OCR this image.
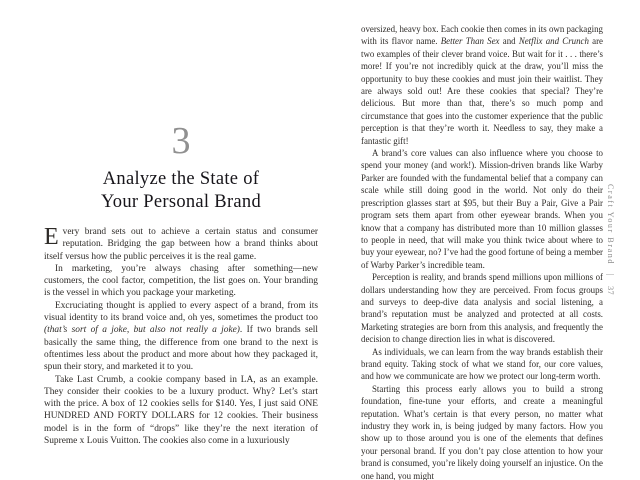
3
Analyze the State of
Your Personal Brand

Every brand sets out to achieve a certain status and consumer reputation. Bridging the gap between how a brand thinks about itself versus how the public perceives it is the real game.

In marketing, you’re always chasing after something—new customers, the cool factor, competition, the list goes on. Your branding is the vessel in which you package your marketing.

Excruciating thought is applied to every aspect of a brand, from its visual identity to its brand voice and, oh yes, sometimes the product too (that’s sort of a joke, but also not really a joke). If two brands sell basically the same thing, the difference from one brand to the next is oftentimes less about the product and more about how they packaged it, spun their story, and marketed it to you.

Take Last Crumb, a cookie company based in LA, as an example. They consider their cookies to be a luxury product. Why? Let’s start with the price. A box of 12 cookies sells for $140. Yes, I just said ONE HUNDRED AND FORTY DOLLARS for 12 cookies. Their business model is in the form of “drops” like they’re the next iteration of Supreme x Louis Vuitton. The cookies also come in a luxuriously

oversized, heavy box. Each cookie then comes in its own packaging with its flavor name. Better Than Sex and Netflix and Crunch are two examples of their clever brand voice. But wait for it . . . there’s more! If you’re not incredibly quick at the draw, you’ll miss the opportunity to buy these cookies and must join their waitlist. They are always sold out! Are these cookies that special? They’re delicious. But more than that, there’s so much pomp and circumstance that goes into the customer experience that the public perception is that they’re worth it. Needless to say, they make a fantastic gift!

A brand’s core values can also influence where you choose to spend your money (and work!). Mission-driven brands like Warby Parker are founded with the fundamental belief that a company can scale while still doing good in the world. Not only do their prescription glasses start at $95, but their Buy a Pair, Give a Pair program sets them apart from other eyewear brands. When you know that a company has distributed more than 10 million glasses to people in need, that will make you think twice about where to buy your eyewear, no? I’ve had the good fortune of being a member of Warby Parker’s incredible team.

Perception is reality, and brands spend millions upon millions of dollars understanding how they are perceived. From focus groups and surveys to deep-dive data analysis and social listening, a brand’s reputation must be analyzed and protected at all costs. Marketing strategies are born from this analysis, and frequently the decision to change direction lies in what is discovered.

As individuals, we can learn from the way brands establish their brand equity. Taking stock of what we stand for, our core values, and how we communicate are how we protect our long-term worth.

Starting this process early allows you to build a strong foundation, fine-tune your efforts, and create a meaningful reputation. What’s certain is that every person, no matter what industry they work in, is being judged by many factors. How you show up to those around you is one of the elements that defines your personal brand. If you don’t pay close attention to how your brand is consumed, you’re likely doing yourself an injustice. On the one hand, you might

Craft Your Brand|37
